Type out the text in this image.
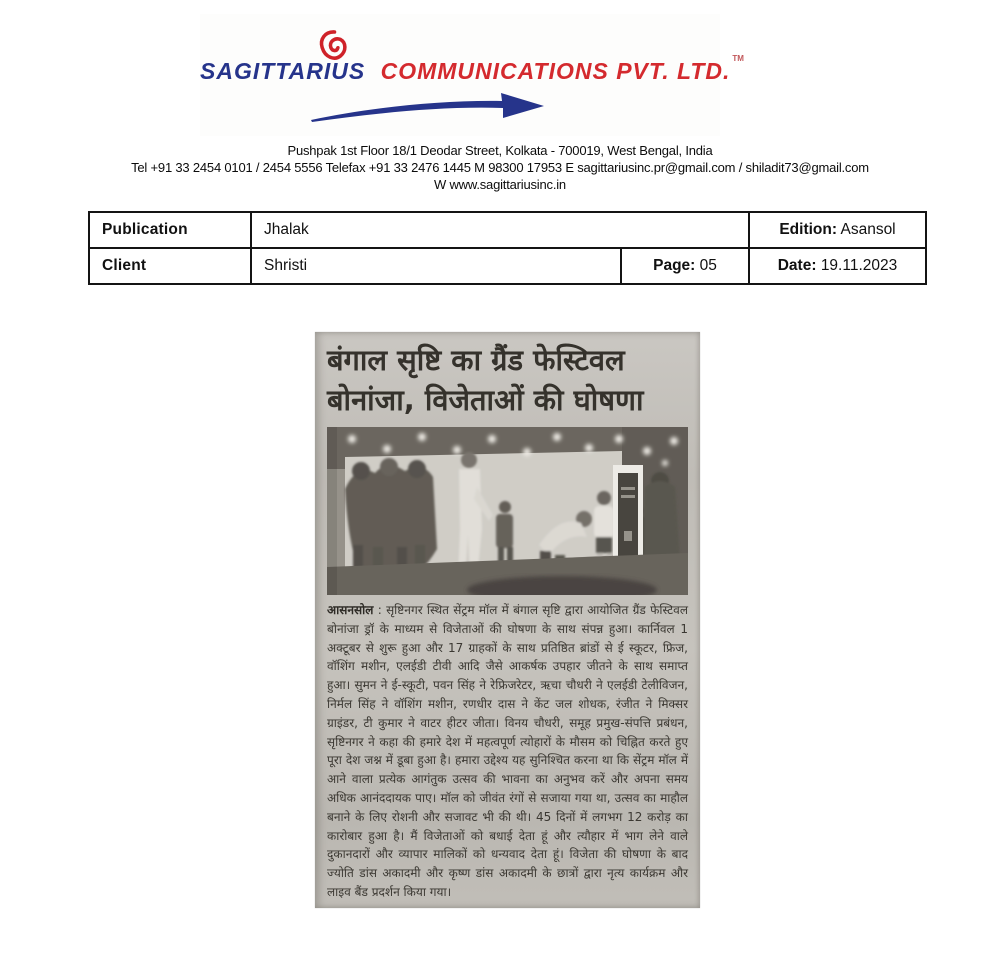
SAGITTARIUS COMMUNICATIONS PVT. LTD. ™
Pushpak 1st Floor 18/1 Deodar Street, Kolkata - 700019, West Bengal, India
Tel +91 33 2454 0101 / 2454 5556 Telefax +91 33 2476 1445 M 98300 17953 E sagittariusinc.pr@gmail.com / shiladit73@gmail.com
W www.sagittariusinc.in
Publication	Jhalak		Edition: Asansol
Client	Shristi	Page: 05	Date: 19.11.2023
बंगाल सृष्टि का ग्रैंड फेस्टिवल
बोनांजा, विजेताओं की घोषणा

आसनसोल : सृष्टिनगर स्थित सेंट्रम मॉल में बंगाल सृष्टि द्वारा आयोजित ग्रैंड फेस्टिवल बोनांजा ड्रॉ के माध्यम से विजेताओं की घोषणा के साथ संपन्न हुआ। कार्निवल 1 अक्टूबर से शुरू हुआ और 17 ग्राहकों के साथ प्रतिष्ठित ब्रांडों से ई स्कूटर, फ्रिज, वॉशिंग मशीन, एलईडी टीवी आदि जैसे आकर्षक उपहार जीतने के साथ समाप्त हुआ। सुमन ने ई-स्कूटी, पवन सिंह ने रेफ्रिजरेटर, ऋचा चौधरी ने एलईडी टेलीविजन, निर्मल सिंह ने वॉशिंग मशीन, रणधीर दास ने केंट जल शोधक, रंजीत ने मिक्सर ग्राइंडर, टी कुमार ने वाटर हीटर जीता। विनय चौधरी, समूह प्रमुख-संपत्ति प्रबंधन, सृष्टिनगर ने कहा की हमारे देश में महत्वपूर्ण त्योहारों के मौसम को चिह्नित करते हुए पूरा देश जश्न में डूबा हुआ है। हमारा उद्देश्य यह सुनिश्चित करना था कि सेंट्रम मॉल में आने वाला प्रत्येक आगंतुक उत्सव की भावना का अनुभव करें और अपना समय अधिक आनंददायक पाए। मॉल को जीवंत रंगों से सजाया गया था, उत्सव का माहौल बनाने के लिए रोशनी और सजावट भी की थी। 45 दिनों में लगभग 12 करोड़ का कारोबार हुआ है। मैं विजेताओं को बधाई देता हूं और त्यौहार में भाग लेने वाले दुकानदारों और व्यापार मालिकों को धन्यवाद देता हूं। विजेता की घोषणा के बाद ज्योति डांस अकादमी और कृष्ण डांस अकादमी के छात्रों द्वारा नृत्य कार्यक्रम और लाइव बैंड प्रदर्शन किया गया।
